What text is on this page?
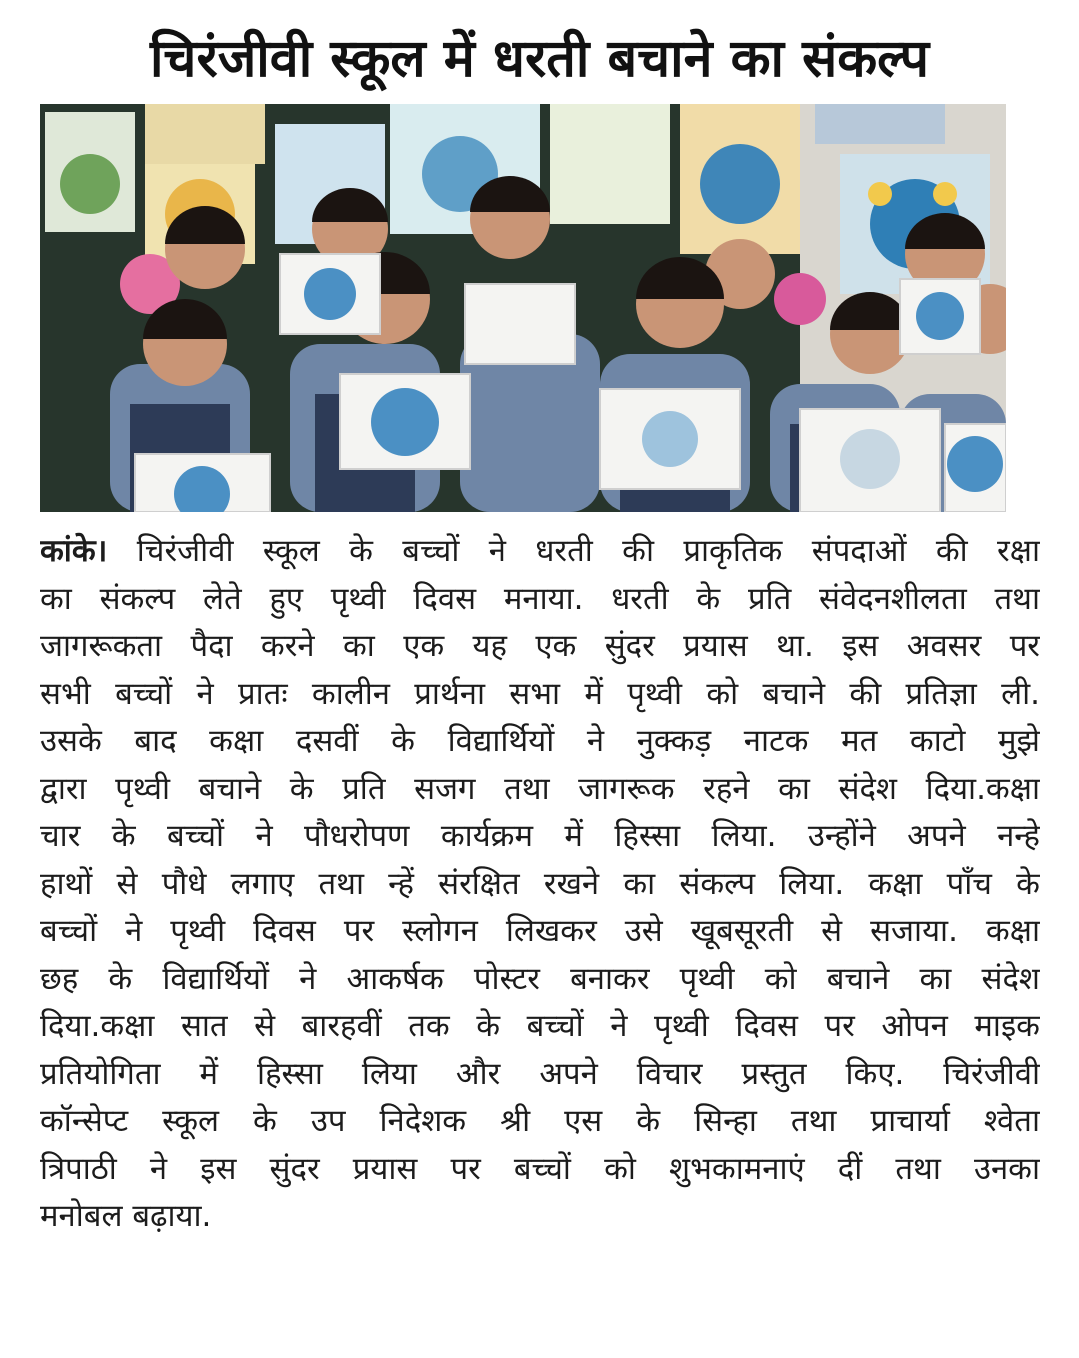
चिरंजीवी स्कूल में धरती बचाने का संकल्प
कांके। चिरंजीवी स्कूल के बच्चों ने धरती की प्राकृतिक संपदाओं की रक्षा
का संकल्प लेते हुए पृथ्वी दिवस मनाया. धरती के प्रति संवेदनशीलता तथा
जागरूकता पैदा करने का एक यह एक सुंदर प्रयास था. इस अवसर पर
सभी बच्चों ने प्रातः कालीन प्रार्थना सभा में पृथ्वी को बचाने की प्रतिज्ञा ली.
उसके बाद कक्षा दसवीं के विद्यार्थियों ने नुक्कड़ नाटक मत काटो मुझे
द्वारा पृथ्वी बचाने के प्रति सजग तथा जागरूक रहने का संदेश दिया.कक्षा
चार के बच्चों ने पौधरोपण कार्यक्रम में हिस्सा लिया. उन्होंने अपने नन्हे
हाथों से पौधे लगाए तथा न्हें संरक्षित रखने का संकल्प लिया. कक्षा पाँच के
बच्चों ने पृथ्वी दिवस पर स्लोगन लिखकर उसे खूबसूरती से सजाया. कक्षा
छह के विद्यार्थियों ने आकर्षक पोस्टर बनाकर पृथ्वी को बचाने का संदेश
दिया.कक्षा सात से बारहवीं तक के बच्चों ने पृथ्वी दिवस पर ओपन माइक
प्रतियोगिता में हिस्सा लिया और अपने विचार प्रस्तुत किए. चिरंजीवी
कॉन्सेप्ट स्कूल के उप निदेशक श्री एस के सिन्हा तथा प्राचार्या श्वेता
त्रिपाठी ने इस सुंदर प्रयास पर बच्चों को शुभकामनाएं दीं तथा उनका
मनोबल बढ़ाया.
